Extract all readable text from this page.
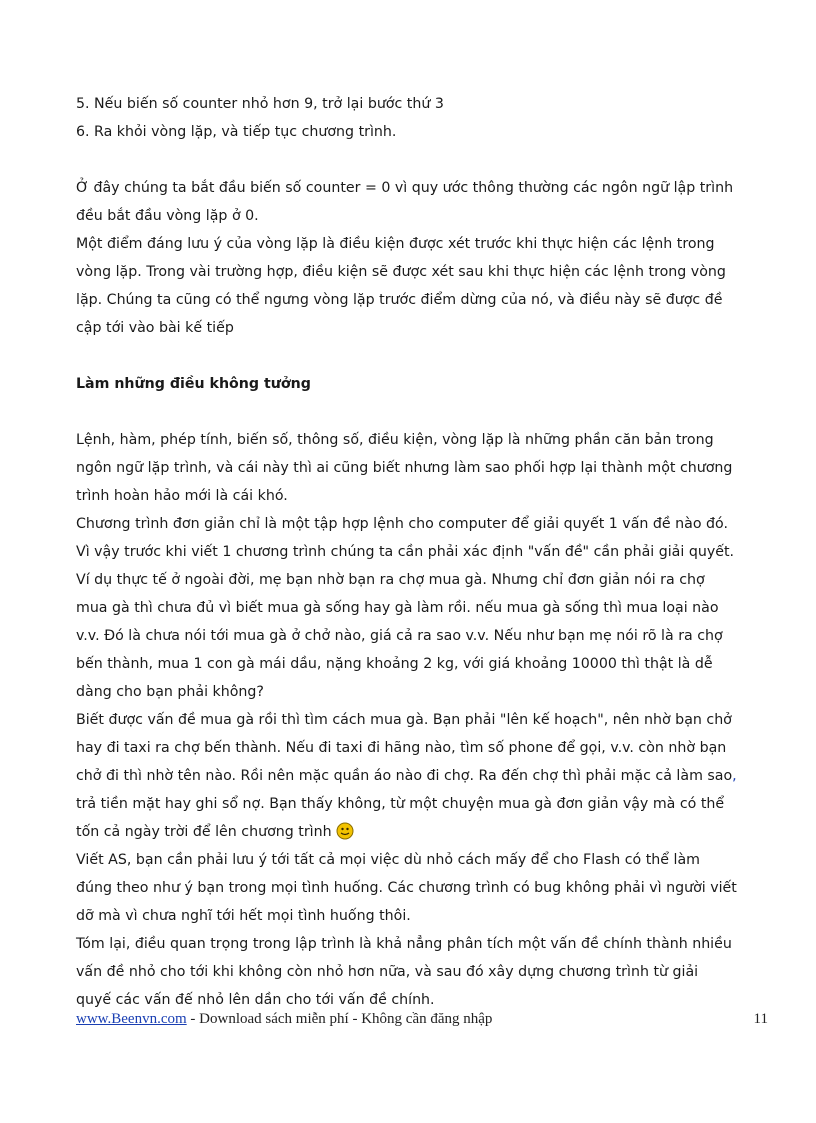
5. Nếu biến số counter nhỏ hơn 9, trở lại bước thứ 3
6. Ra khỏi vòng lặp, và tiếp tục chương trình.
Ở đây chúng ta bắt đầu biến số counter = 0 vì quy ước thông thường các ngôn ngữ lập trình
đều bắt đầu vòng lặp ở 0.
Một điểm đáng lưu ý của vòng lặp là điều kiện được xét trước khi thực hiện các lệnh trong
vòng lặp. Trong vài trường hợp, điều kiện sẽ được xét sau khi thực hiện các lệnh trong vòng
lặp. Chúng ta cũng có thể ngưng vòng lặp trước điểm dừng của nó, và điều này sẽ được đề
cập tới vào bài kế tiếp
Làm những điều không tưởng
Lệnh, hàm, phép tính, biến số, thông số, điều kiện, vòng lặp là những phần căn bản trong
ngôn ngữ lặp trình, và cái này thì ai cũng biết nhưng làm sao phối hợp lại thành một chương
trình hoàn hảo mới là cái khó.
Chương trình đơn giản chỉ là một tập hợp lệnh cho computer để giải quyết 1 vấn đề nào đó.
Vì vậy trước khi viết 1 chương trình chúng ta cần phải xác định "vấn đề" cần phải giải quyết.
Ví dụ thực tế ở ngoài đời, mẹ bạn nhờ bạn ra chợ mua gà. Nhưng chỉ đơn giản nói ra chợ
mua gà thì chưa đủ vì biết mua gà sống hay gà làm rồi. nếu mua gà sống thì mua loại nào
v.v. Đó là chưa nói tới mua gà ở chở nào, giá cả ra sao v.v. Nếu như bạn mẹ nói rõ là ra chợ
bến thành, mua 1 con gà mái dầu, nặng khoảng 2 kg, với giá khoảng 10000 thì thật là dễ
dàng cho bạn phải không?
Biết được vấn đề mua gà rồi thì tìm cách mua gà. Bạn phải "lên kế hoạch", nên nhờ bạn chở
hay đi taxi ra chợ bến thành. Nếu đi taxi đi hãng nào, tìm số phone để gọi, v.v. còn nhờ bạn
chở đi thì nhờ tên nào. Rồi nên mặc quần áo nào đi chợ. Ra đến chợ thì phải mặc cả làm sao,
trả tiền mặt hay ghi sổ nợ. Bạn thấy không, từ một chuyện mua gà đơn giản vậy mà có thể
tốn cả ngày trời để lên chương trình
Viết AS, bạn cần phải lưu ý tới tất cả mọi việc dù nhỏ cách mấy để cho Flash có thể làm
đúng theo như ý bạn trong mọi tình huống. Các chương trình có bug không phải vì người viết
dỡ mà vì chưa nghĩ tới hết mọi tình huống thôi.
Tóm lại, điều quan trọng trong lập trình là khả nẳng phân tích một vấn đề chính thành nhiều
vấn đề nhỏ cho tới khi không còn nhỏ hơn nữa, và sau đó xây dựng chương trình từ giải
quyế các vấn đế nhỏ lên dần cho tới vấn đề chính.
www.Beenvn.com - Download sách miễn phí - Không cần đăng nhập	11
